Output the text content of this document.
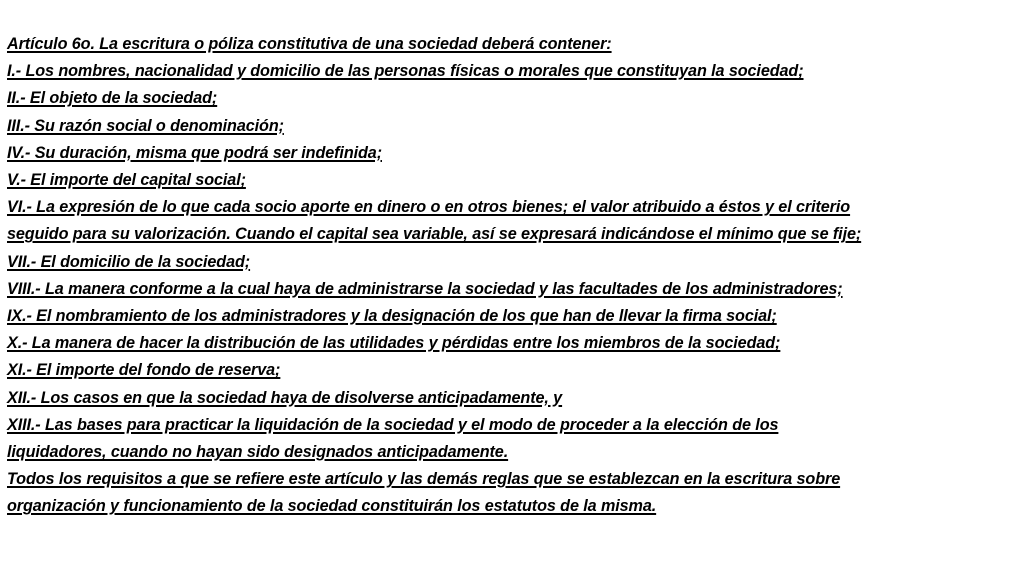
Artículo 6o. La escritura o póliza constitutiva de una sociedad deberá contener:
I.- Los nombres, nacionalidad y domicilio de las personas físicas o morales que constituyan la sociedad;
II.- El objeto de la sociedad;
III.- Su razón social o denominación;
IV.- Su duración, misma que podrá ser indefinida;
V.- El importe del capital social;
VI.- La expresión de lo que cada socio aporte en dinero o en otros bienes; el valor atribuido a éstos y el criterio
seguido para su valorización. Cuando el capital sea variable, así se expresará indicándose el mínimo que se fije;
VII.- El domicilio de la sociedad;
VIII.- La manera conforme a la cual haya de administrarse la sociedad y las facultades de los administradores;
IX.- El nombramiento de los administradores y la designación de los que han de llevar la firma social;
X.- La manera de hacer la distribución de las utilidades y pérdidas entre los miembros de la sociedad;
XI.- El importe del fondo de reserva;
XII.- Los casos en que la sociedad haya de disolverse anticipadamente, y
XIII.- Las bases para practicar la liquidación de la sociedad y el modo de proceder a la elección de los
liquidadores, cuando no hayan sido designados anticipadamente.
Todos los requisitos a que se refiere este artículo y las demás reglas que se establezcan en la escritura sobre
organización y funcionamiento de la sociedad constituirán los estatutos de la misma.
